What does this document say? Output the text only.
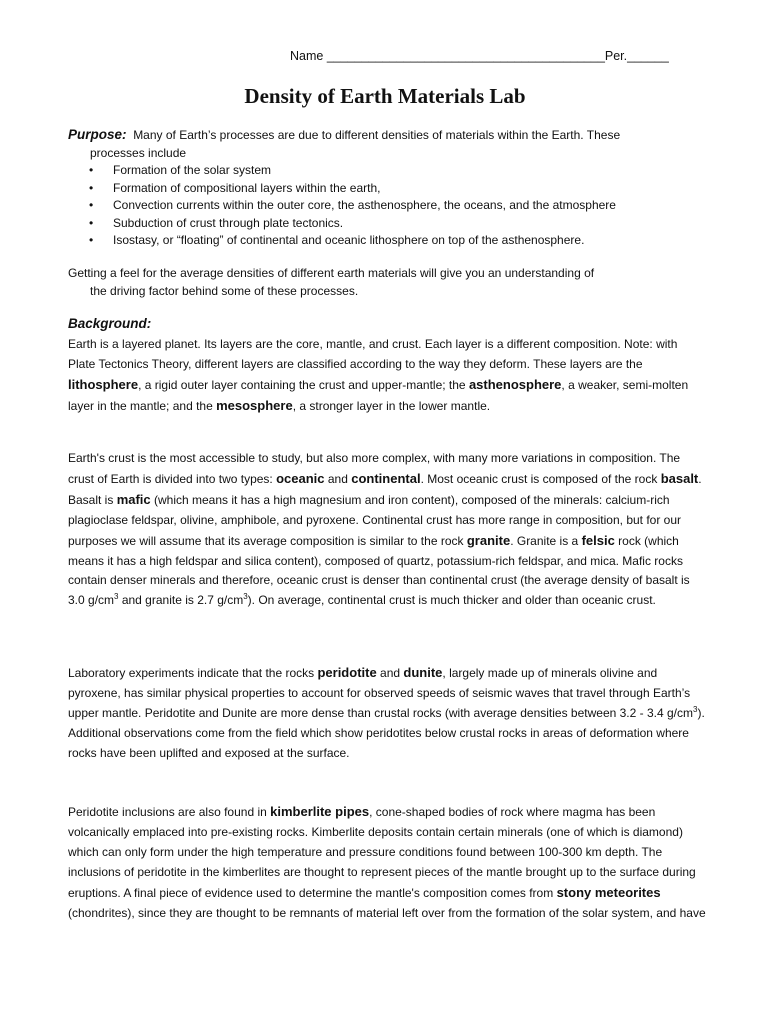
Name ________________________________________Per.______
Density of Earth Materials Lab
Purpose: Many of Earth’s processes are due to different densities of materials within the Earth. These
processes include
• Formation of the solar system
• Formation of compositional layers within the earth,
• Convection currents within the outer core, the asthenosphere, the oceans, and the atmosphere
• Subduction of crust through plate tectonics.
• Isostasy, or “floating” of continental and oceanic lithosphere on top of the asthenosphere.
Getting a feel for the average densities of different earth materials will give you an understanding of
the driving factor behind some of these processes.
Background:
Earth is a layered planet. Its layers are the core, mantle, and crust. Each layer is a different composition. Note: with Plate Tectonics Theory, different layers are classified according to the way they deform. These layers are the lithosphere, a rigid outer layer containing the crust and upper-mantle; the asthenosphere, a weaker, semi-molten layer in the mantle; and the mesosphere, a stronger layer in the lower mantle.
Earth's crust is the most accessible to study, but also more complex, with many more variations in composition. The crust of Earth is divided into two types: oceanic and continental. Most oceanic crust is composed of the rock basalt. Basalt is mafic (which means it has a high magnesium and iron content), composed of the minerals: calcium-rich plagioclase feldspar, olivine, amphibole, and pyroxene. Continental crust has more range in composition, but for our purposes we will assume that its average composition is similar to the rock granite. Granite is a felsic rock (which means it has a high feldspar and silica content), composed of quartz, potassium-rich feldspar, and mica. Mafic rocks contain denser minerals and therefore, oceanic crust is denser than continental crust (the average density of basalt is 3.0 $g/cm^3$ and granite is 2.7 $g/cm^3$). On average, continental crust is much thicker and older than oceanic crust.
Laboratory experiments indicate that the rocks peridotite and dunite, largely made up of minerals olivine and pyroxene, has similar physical properties to account for observed speeds of seismic waves that travel through Earth’s upper mantle. Peridotite and Dunite are more dense than crustal rocks (with average densities between 3.2 - 3.4 $g/cm^3$). Additional observations come from the field which show peridotites below crustal rocks in areas of deformation where rocks have been uplifted and exposed at the surface.
Peridotite inclusions are also found in kimberlite pipes, cone-shaped bodies of rock where magma has been volcanically emplaced into pre-existing rocks. Kimberlite deposits contain certain minerals (one of which is diamond) which can only form under the high temperature and pressure conditions found between 100-300 km depth. The inclusions of peridotite in the kimberlites are thought to represent pieces of the mantle brought up to the surface during eruptions. A final piece of evidence used to determine the mantle's composition comes from stony meteorites (chondrites), since they are thought to be remnants of material left over from the formation of the solar system, and have
